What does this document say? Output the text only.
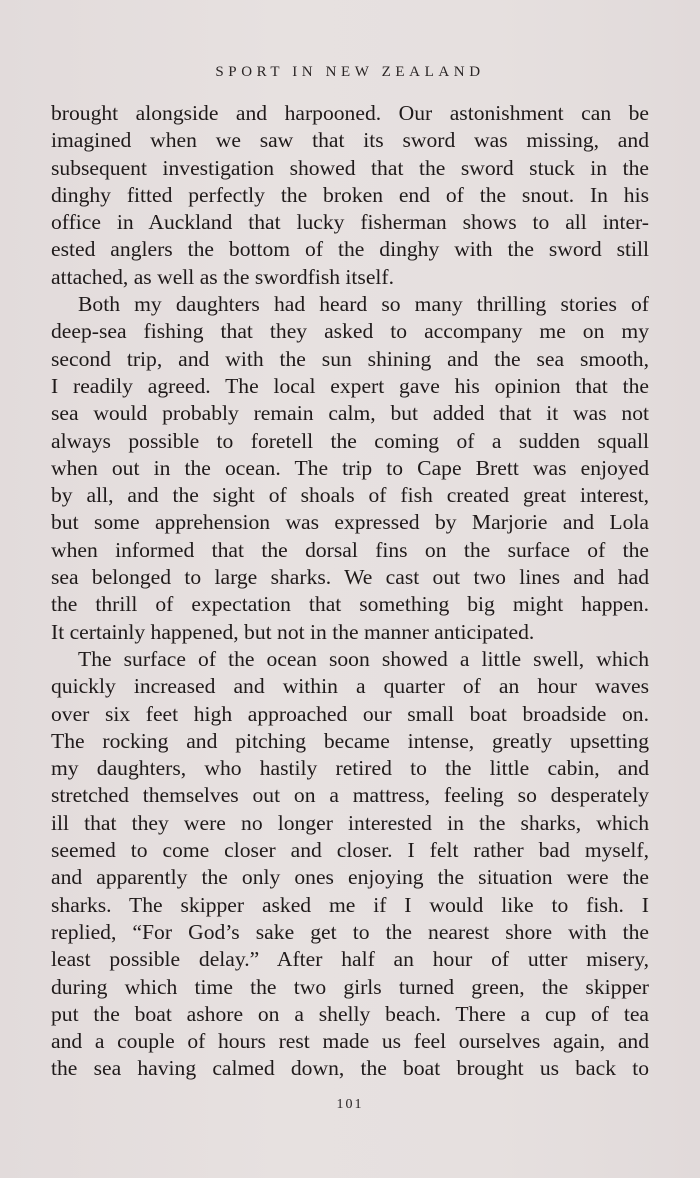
SPORT IN NEW ZEALAND
brought alongside and harpooned. Our astonishment can be
imagined when we saw that its sword was missing, and
subsequent investigation showed that the sword stuck in the
dinghy fitted perfectly the broken end of the snout. In his
office in Auckland that lucky fisherman shows to all inter-
ested anglers the bottom of the dinghy with the sword still
attached, as well as the swordfish itself.
Both my daughters had heard so many thrilling stories of
deep-sea fishing that they asked to accompany me on my
second trip, and with the sun shining and the sea smooth,
I readily agreed. The local expert gave his opinion that the
sea would probably remain calm, but added that it was not
always possible to foretell the coming of a sudden squall
when out in the ocean. The trip to Cape Brett was enjoyed
by all, and the sight of shoals of fish created great interest,
but some apprehension was expressed by Marjorie and Lola
when informed that the dorsal fins on the surface of the
sea belonged to large sharks. We cast out two lines and had
the thrill of expectation that something big might happen.
It certainly happened, but not in the manner anticipated.
The surface of the ocean soon showed a little swell, which
quickly increased and within a quarter of an hour waves
over six feet high approached our small boat broadside on.
The rocking and pitching became intense, greatly upsetting
my daughters, who hastily retired to the little cabin, and
stretched themselves out on a mattress, feeling so desperately
ill that they were no longer interested in the sharks, which
seemed to come closer and closer. I felt rather bad myself,
and apparently the only ones enjoying the situation were the
sharks. The skipper asked me if I would like to fish. I
replied, “For God’s sake get to the nearest shore with the
least possible delay.” After half an hour of utter misery,
during which time the two girls turned green, the skipper
put the boat ashore on a shelly beach. There a cup of tea
and a couple of hours rest made us feel ourselves again, and
the sea having calmed down, the boat brought us back to
101
